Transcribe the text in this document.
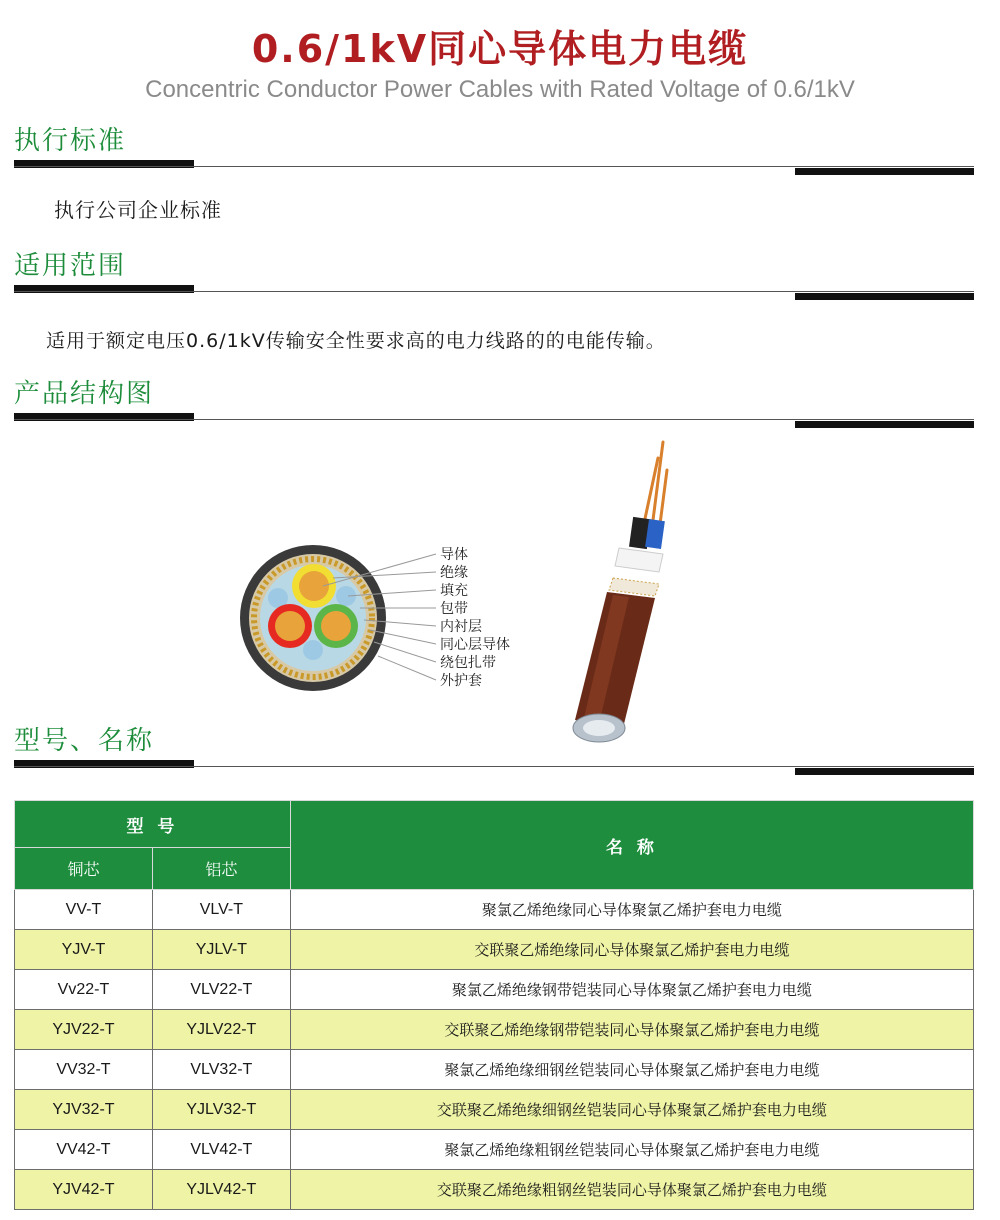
0.6/1kV同心导体电力电缆
Concentric Conductor Power Cables with Rated Voltage of 0.6/1kV
执行标准
执行公司企业标准
适用范围
适用于额定电压0.6/1kV传输安全性要求高的电力线路的的电能传输。
产品结构图
导体
绝缘
填充
包带
内衬层
同心层导体
绕包扎带
外护套
型号、名称
型 号		名 称
铜芯	铝芯	
VV-T	VLV-T	聚氯乙烯绝缘同心导体聚氯乙烯护套电力电缆
YJV-T	YJLV-T	交联聚乙烯绝缘同心导体聚氯乙烯护套电力电缆
Vv22-T	VLV22-T	聚氯乙烯绝缘钢带铠装同心导体聚氯乙烯护套电力电缆
YJV22-T	YJLV22-T	交联聚乙烯绝缘钢带铠装同心导体聚氯乙烯护套电力电缆
VV32-T	VLV32-T	聚氯乙烯绝缘细钢丝铠装同心导体聚氯乙烯护套电力电缆
YJV32-T	YJLV32-T	交联聚乙烯绝缘细钢丝铠装同心导体聚氯乙烯护套电力电缆
VV42-T	VLV42-T	聚氯乙烯绝缘粗钢丝铠装同心导体聚氯乙烯护套电力电缆
YJV42-T	YJLV42-T	交联聚乙烯绝缘粗钢丝铠装同心导体聚氯乙烯护套电力电缆
